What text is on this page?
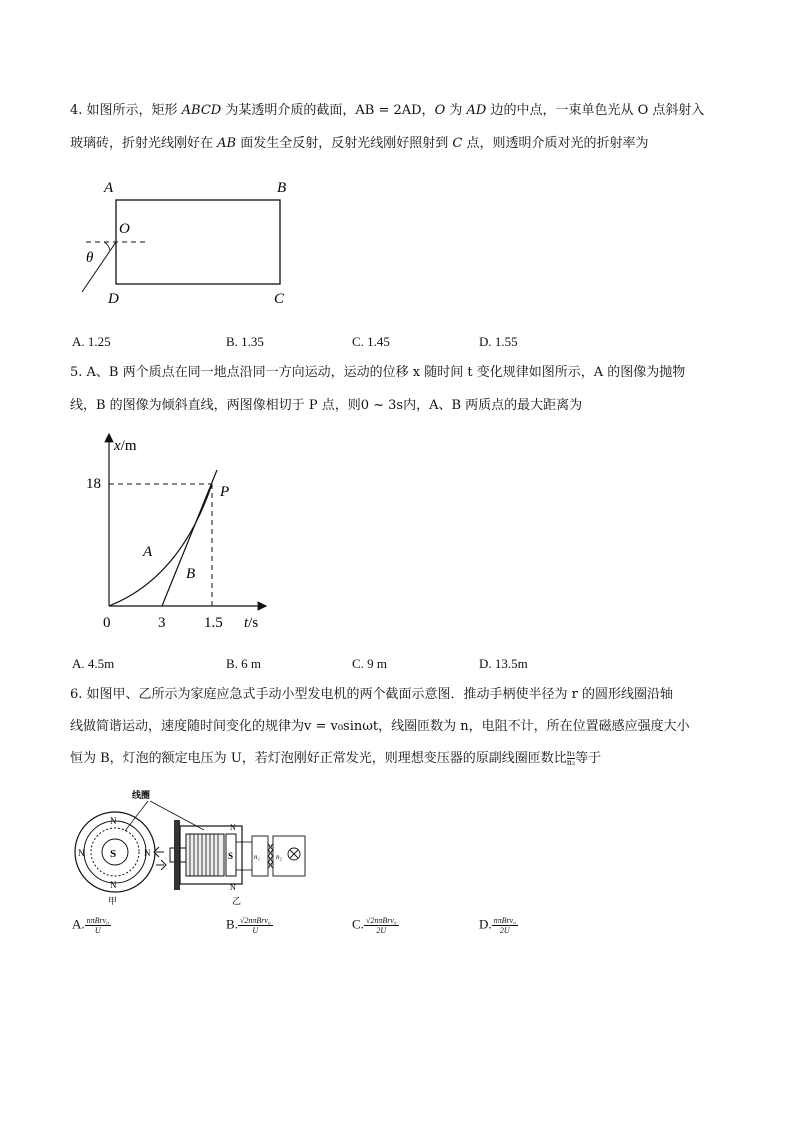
4. 如图所示，矩形 ABCD 为某透明介质的截面，AB = 2AD，O 为 AD 边的中点，一束单色光从 O 点斜射入
玻璃砖，折射光线刚好在 AB 面发生全反射，反射光线刚好照射到 C 点，则透明介质对光的折射率为
A	B
D	C
O
θ
A. 1.25	B. 1.35	C. 1.45	D. 1.55
5. A、B 两个质点在同一地点沿同一方向运动，运动的位移 x 随时间 t 变化规律如图所示，A 的图像为抛物
线，B 的图像为倾斜直线，两图像相切于 P 点，则0 ~ 3s内，A、B 两质点的最大距离为
x/m
t/s
18
0	3	1.5
P
A
B
A. 4.5m	B. 6 m	C. 9 m	D. 13.5m
6. 如图甲、乙所示为家庭应急式手动小型发电机的两个截面示意图．推动手柄使半径为 r 的圆形线圈沿轴
线做简谐运动，速度随时间变化的规律为v = v₀sinωt，线圈匝数为 n，电阻不计，所在位置磁感应强度大小
恒为 B，灯泡的额定电压为 U，若灯泡刚好正常发光，则理想变压器的原副线圈匝数比 $\frac{\text{n₁}}{\text{n₂}}$等于
S
N
N
N	N
甲
线圈
S
N
N
乙
n₁ n₂
A. $\frac{\text{nπBrv₀}}{U}$	B. $\frac{\text{√2nπBrv₀}}{U}$	C. $\frac{\text{√2nπBrv₀}}{2U}$	D. $\frac{\text{nπBrv₀}}{2U}$
